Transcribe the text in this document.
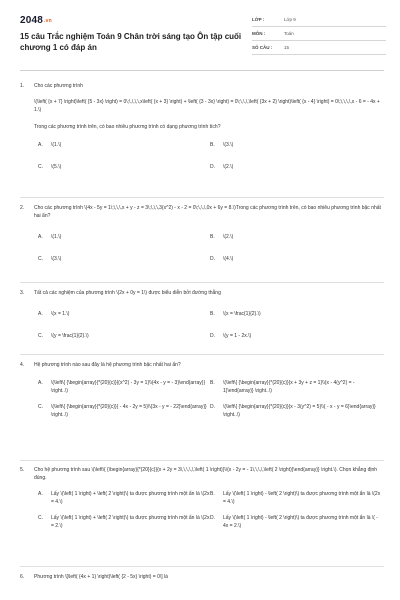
$2048^{.vn}$
15 câu Trắc nghiệm Toán 9 Chân trời sáng tạo Ôn tập cuối chương 1 có đáp án
LỚP :	Lớp 9
MÔN :	Toán
SỐ CÂU :	15
1.	Cho các phương trình
\(\left( {x + 7} \right)\left( {5 - 3x} \right) = 0\;\,\,\,\,x\left( {x + 3} \right) + \left( {3 - 3x} \right) = 0\;\,\,\,\left( {3x + 2} \right)\left( {x - 4} \right) = 0\;\,\,\,\,x - 6 = - 4x + 1.\)
Trong các phương trình trên, có bao nhiêu phương trình có dạng phương trình tích?
A.	\(1.\)	B.	\(3.\)
C.	\(5.\)	D.	\(2.\)
2.	Cho các phương trình \(4x - 5y = 1\;\,\,\,x + y - z = 3\;\,\,\,3(x^2) - x - 2 = 0\;\,\,\,0x + 6y = 8.\)Trong các phương trình trên, có bao nhiêu phương trình bậc nhất hai ẩn?
A.	\(1.\)	B.	\(2.\)
C.	\(3.\)	D.	\(4.\)
3.	Tất cả các nghiệm của phương trình \(2x + 0y = 1\) được biểu diễn bởi đường thẳng
A.	\(x = 1.\)	B.	\(x = \frac{1}{2}.\)
C.	\(y = \frac{1}{2}.\)	D.	\(y = 1 - 2x.\)
4.	Hệ phương trình nào sau đây là hệ phương trình bậc nhất hai ẩn?
A.	\(\left\{ {\begin{array}{*{20}{c}}{(x^2) - 3y = 1}\\{4x - y = - 3}\end{array}} \right..\)
B.	\(\left\{ {\begin{array}{*{20}{c}}{x + 3y + z = 1}\\{x - 4(y^2) = - 1}\end{array}} \right..\)
C.	\(\left\{ {\begin{array}{*{20}{c}}{ - 4x - 2y = 5}\\{3x - y = - 22}\end{array}} \right..\)
D.	\(\left\{ {\begin{array}{*{20}{c}}{x - 3(y^2) = 5}\\{ - x - y = 6}\end{array}} \right..\)
5.	Cho hệ phương trình sau \(\left\{ {\begin{array}{*{20}{c}}{x + 2y = 3\,\,\,\,\,\left( 1 \right)}\\{x - 2y = - 1\,\,\,\,\left( 2 \right)}\end{array}} \right.\). Chọn khẳng định đúng.
A.	Lấy \(\left( 1 \right) + \left( 2 \right)\) ta được phương trình một ẩn là \(2x = 4.\)
B.	Lấy \(\left( 1 \right) - \left( 2 \right)\) ta được phương trình một ẩn là \(2x = 4.\)
C.	Lấy \(\left( 1 \right) + \left( 2 \right)\) ta được phương trình một ẩn là \(2x = 2.\)
D.	Lấy \(\left( 1 \right) - \left( 2 \right)\) ta được phương trình một ẩn là \( - 4x = 2.\)
6.	Phương trình \[\left( {4x + 1} \right)\left( {2 - 5x} \right) = 0\] là
